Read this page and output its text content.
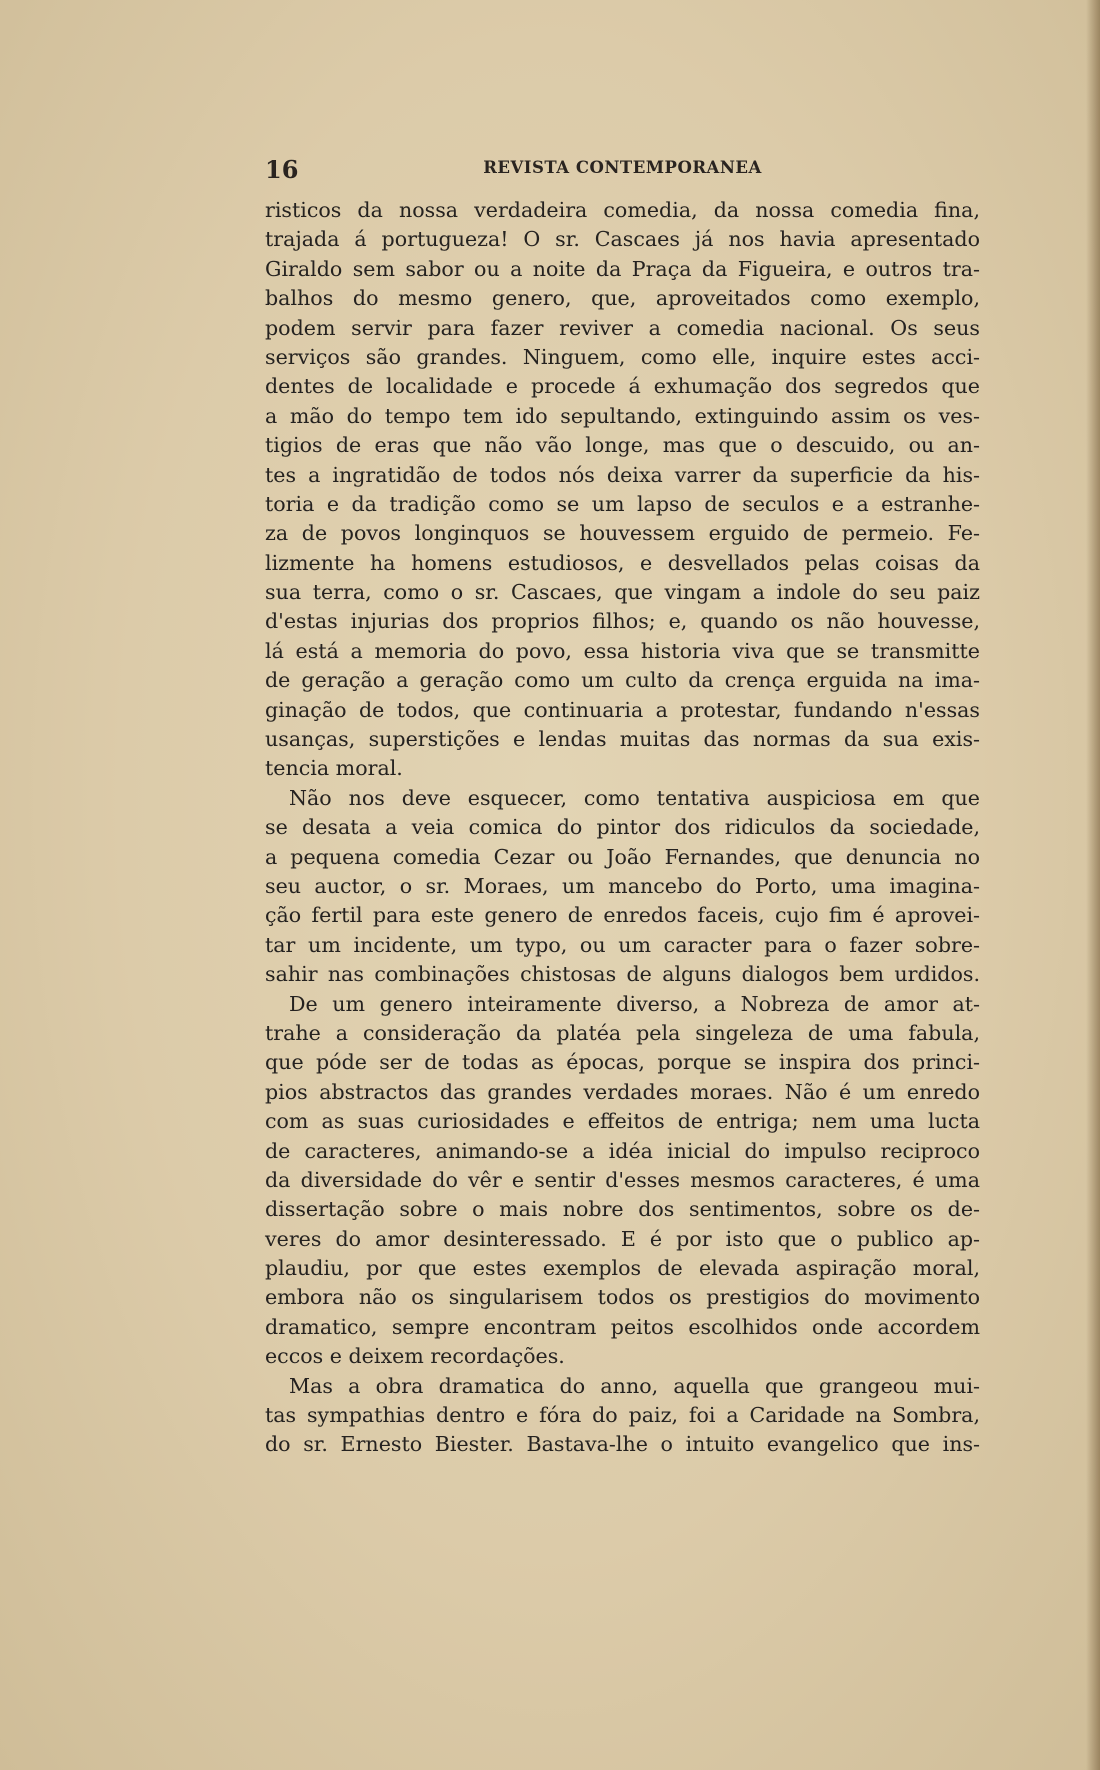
16	REVISTA CONTEMPORANEA
risticos da nossa verdadeira comedia, da nossa comedia fina,
trajada á portugueza! O sr. Cascaes já nos havia apresentado
Giraldo sem sabor ou a noite da Praça da Figueira, e outros tra-
balhos do mesmo genero, que, aproveitados como exemplo,
podem servir para fazer reviver a comedia nacional. Os seus
serviços são grandes. Ninguem, como elle, inquire estes acci-
dentes de localidade e procede á exhumação dos segredos que
a mão do tempo tem ido sepultando, extinguindo assim os ves-
tigios de eras que não vão longe, mas que o descuido, ou an-
tes a ingratidão de todos nós deixa varrer da superficie da his-
toria e da tradição como se um lapso de seculos e a estranhe-
za de povos longinquos se houvessem erguido de permeio. Fe-
lizmente ha homens estudiosos, e desvellados pelas coisas da
sua terra, como o sr. Cascaes, que vingam a indole do seu paiz
d'estas injurias dos proprios filhos; e, quando os não houvesse,
lá está a memoria do povo, essa historia viva que se transmitte
de geração a geração como um culto da crença erguida na ima-
ginação de todos, que continuaria a protestar, fundando n'essas
usanças, superstições e lendas muitas das normas da sua exis-
tencia moral.
Não nos deve esquecer, como tentativa auspiciosa em que
se desata a veia comica do pintor dos ridiculos da sociedade,
a pequena comedia Cezar ou João Fernandes, que denuncia no
seu auctor, o sr. Moraes, um mancebo do Porto, uma imagina-
ção fertil para este genero de enredos faceis, cujo fim é aprovei-
tar um incidente, um typo, ou um caracter para o fazer sobre-
sahir nas combinações chistosas de alguns dialogos bem urdidos.
De um genero inteiramente diverso, a Nobreza de amor at-
trahe a consideração da platéa pela singeleza de uma fabula,
que póde ser de todas as épocas, porque se inspira dos princi-
pios abstractos das grandes verdades moraes. Não é um enredo
com as suas curiosidades e effeitos de entriga; nem uma lucta
de caracteres, animando-se a idéa inicial do impulso reciproco
da diversidade do vêr e sentir d'esses mesmos caracteres, é uma
dissertação sobre o mais nobre dos sentimentos, sobre os de-
veres do amor desinteressado. E é por isto que o publico ap-
plaudiu, por que estes exemplos de elevada aspiração moral,
embora não os singularisem todos os prestigios do movimento
dramatico, sempre encontram peitos escolhidos onde accordem
eccos e deixem recordações.
Mas a obra dramatica do anno, aquella que grangeou mui-
tas sympathias dentro e fóra do paiz, foi a Caridade na Sombra,
do sr. Ernesto Biester. Bastava-lhe o intuito evangelico que ins-
